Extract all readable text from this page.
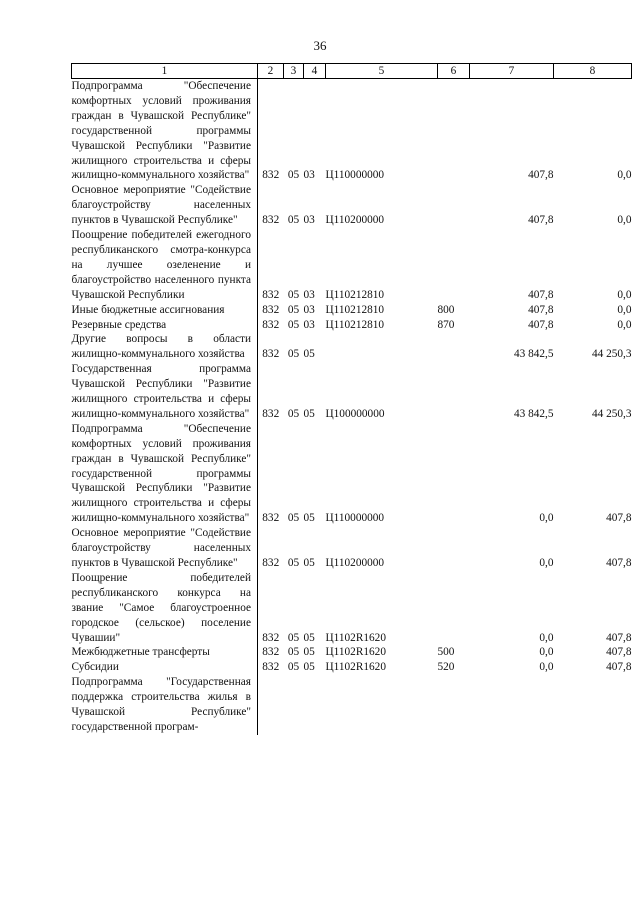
36
1	2	3	4	5	6	7	8
Подпрограмма "Обеспечение комфортных условий проживания граждан в Чувашской Республике" государственной программы Чувашской Республики "Развитие жилищного строительства и сферы жилищно-коммунального хозяйства"	832	05	03	Ц110000000		407,8	0,0
Основное мероприятие "Содействие благоустройству населенных пунктов в Чувашской Республике"	832	05	03	Ц110200000		407,8	0,0
Поощрение победителей ежегодного республиканского смотра-конкурса на лучшее озеленение и благоустройство населенного пункта Чувашской Республики	832	05	03	Ц110212810		407,8	0,0
Иные бюджетные ассигнования	832	05	03	Ц110212810	800	407,8	0,0
Резервные средства	832	05	03	Ц110212810	870	407,8	0,0
Другие вопросы в области жилищно-коммунального хозяйства	832	05	05			43 842,5	44 250,3
Государственная программа Чувашской Республики "Развитие жилищного строительства и сферы жилищно-коммунального хозяйства"	832	05	05	Ц100000000		43 842,5	44 250,3
Подпрограмма "Обеспечение комфортных условий проживания граждан в Чувашской Республике" государственной программы Чувашской Республики "Развитие жилищного строительства и сферы жилищно-коммунального хозяйства"	832	05	05	Ц110000000		0,0	407,8
Основное мероприятие "Содействие благоустройству населенных пунктов в Чувашской Республике"	832	05	05	Ц110200000		0,0	407,8
Поощрение победителей республиканского конкурса на звание "Самое благоустроенное городское (сельское) поселение Чувашии"	832	05	05	Ц1102R1620		0,0	407,8
Межбюджетные трансферты	832	05	05	Ц1102R1620	500	0,0	407,8
Субсидии	832	05	05	Ц1102R1620	520	0,0	407,8
Подпрограмма "Государственная поддержка строительства жилья в Чувашской Республике" государственной програм-							
